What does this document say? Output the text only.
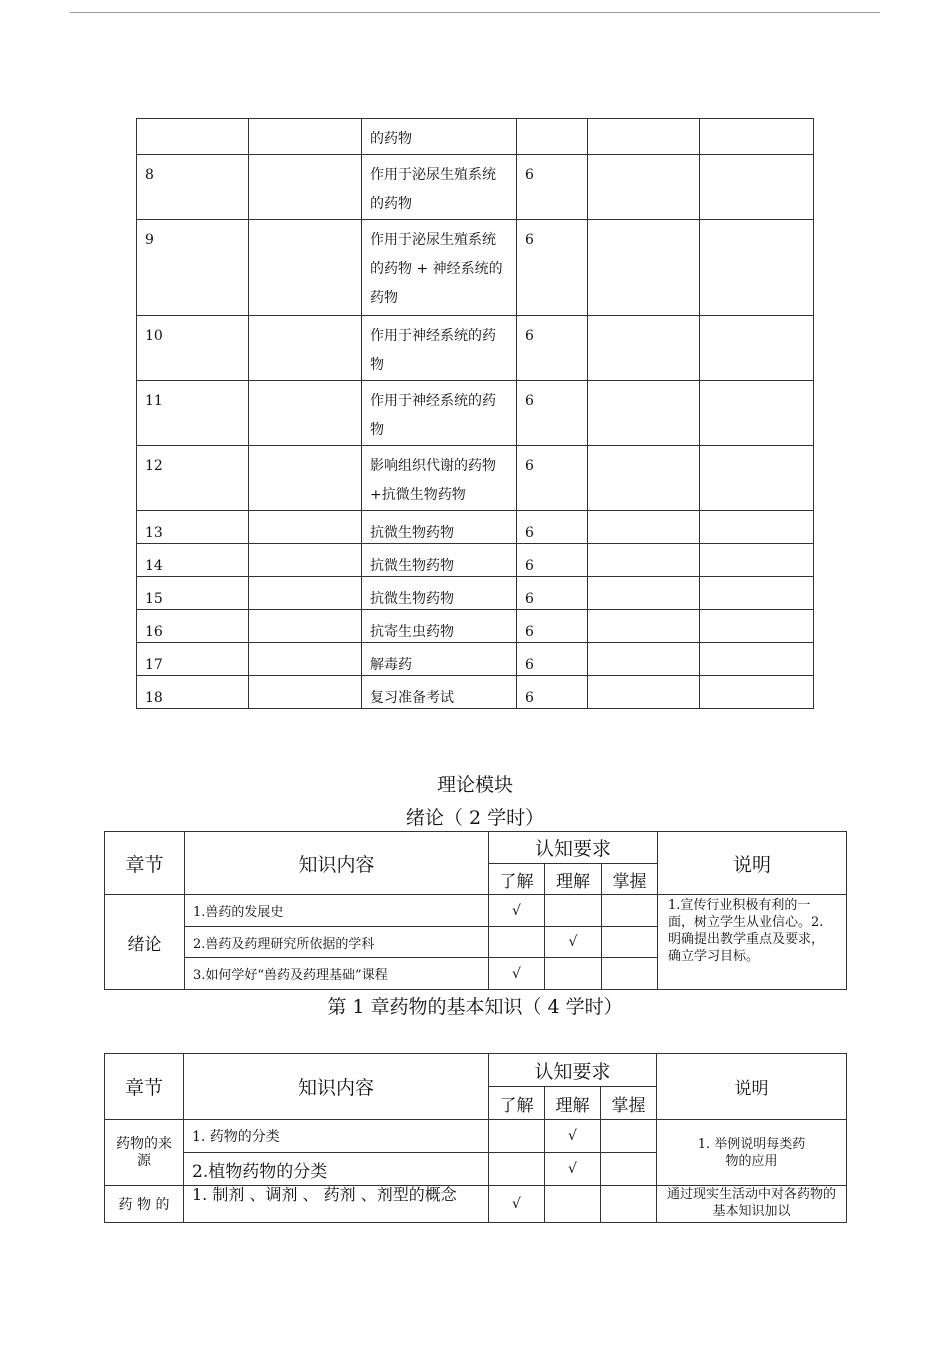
		的药物			
8		作用于泌尿生殖系统的药物	6		
9		作用于泌尿生殖系统的药物 + 神经系统的药物	6		
10		作用于神经系统的药物	6		
11		作用于神经系统的药物	6		
12		影响组织代谢的药物+抗微生物药物	6		
13		抗微生物药物	6		
14		抗微生物药物	6		
15		抗微生物药物	6		
16		抗寄生虫药物	6		
17		解毒药	6		
18		复习准备考试	6		
理论模块
绪论（ 2 学时）
章节	知识内容	认知要求			说明
		了解	理解	掌握	
绪论	1.兽药的发展史	√			1.宣传行业积极有利的一面，树立学生从业信心。2.明确提出教学重点及要求，确立学习目标。

	2.兽药及药理研究所依据的学科		√		
	3.如何学好“兽药及药理基础”课程	√			
第 1 章药物的基本知识（ 4 学时）
章节	知识内容	认知要求			说明
		了解	理解	掌握	
药物的来源	1. 药物的分类		√		1. 举例说明每类药物的应用
	2.植物药物的分类		√		
药 物 的	1. 制剂 、调剂 、 药剂 、剂型的概念	√			通过现实生活动中对各药物的基本知识加以
